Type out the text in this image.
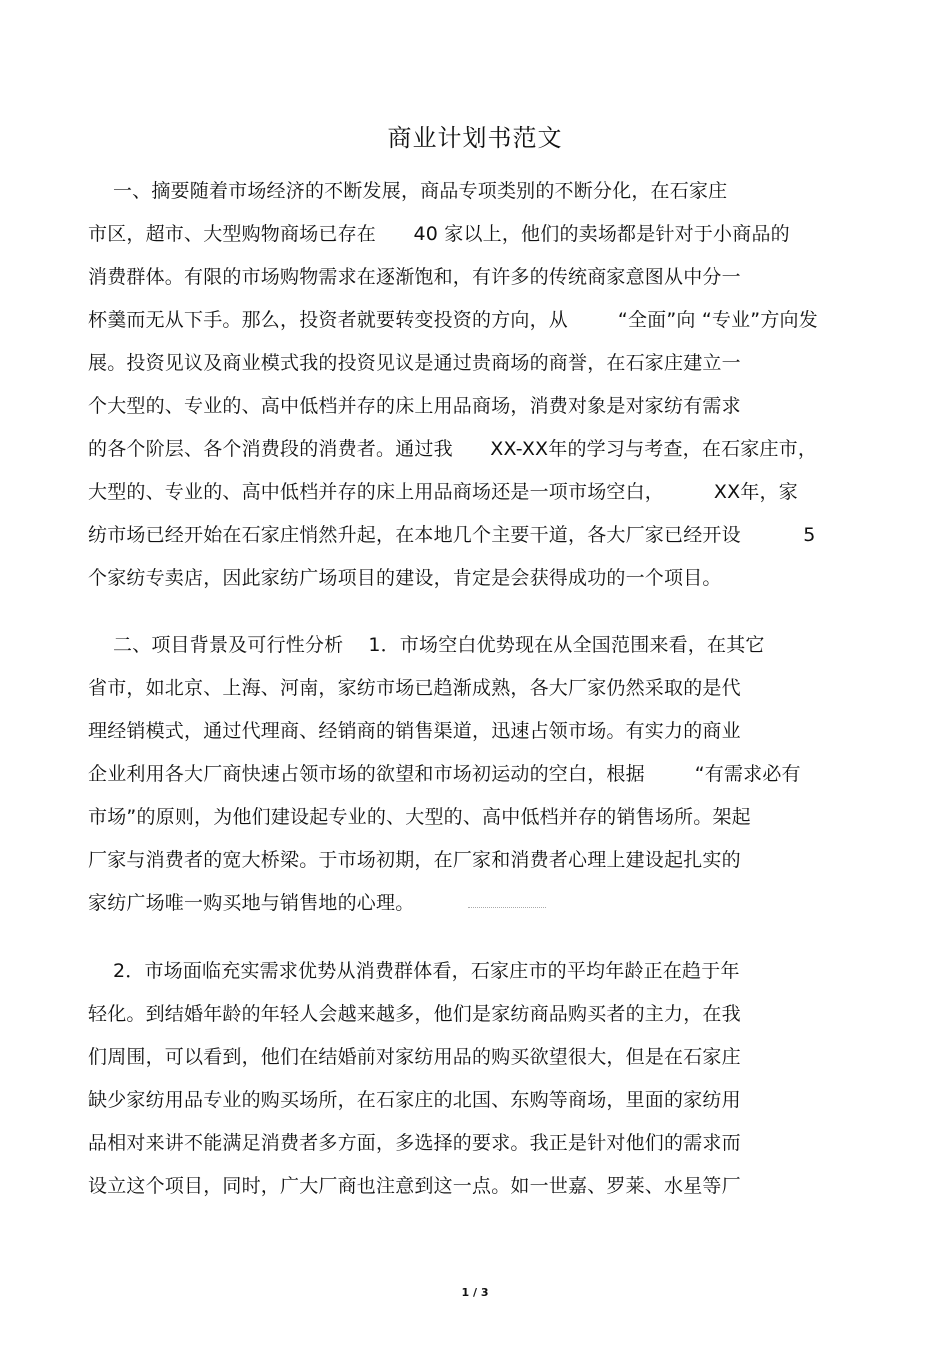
商业计划书范文
一、摘要随着市场经济的不断发展，商品专项类别的不断分化，在石家庄
市区，超市、大型购物商场已存在      40 家以上，他们的卖场都是针对于小商品的
消费群体。有限的市场购物需求在逐渐饱和，有许多的传统商家意图从中分一
杯羹而无从下手。那么，投资者就要转变投资的方向，从        “全面”向 “专业”方向发
展。投资见议及商业模式我的投资见议是通过贵商场的商誉，在石家庄建立一
个大型的、专业的、高中低档并存的床上用品商场，消费对象是对家纺有需求
的各个阶层、各个消费段的消费者。通过我      XX-XX年的学习与考查，在石家庄市，
大型的、专业的、高中低档并存的床上用品商场还是一项市场空白，        XX年，家
纺市场已经开始在石家庄悄然升起，在本地几个主要干道，各大厂家已经开设          5
个家纺专卖店，因此家纺广场项目的建设，肯定是会获得成功的一个项目。
二、项目背景及可行性分析    1．市场空白优势现在从全国范围来看，在其它
省市，如北京、上海、河南，家纺市场已趋渐成熟，各大厂家仍然采取的是代
理经销模式，通过代理商、经销商的销售渠道，迅速占领市场。有实力的商业
企业利用各大厂商快速占领市场的欲望和市场初运动的空白，根据        “有需求必有
市场”的原则，为他们建设起专业的、大型的、高中低档并存的销售场所。架起
厂家与消费者的宽大桥梁。于市场初期，在厂家和消费者心理上建设起扎实的
家纺广场唯一购买地与销售地的心理。
2．市场面临充实需求优势从消费群体看，石家庄市的平均年龄正在趋于年
轻化。到结婚年龄的年轻人会越来越多，他们是家纺商品购买者的主力，在我
们周围，可以看到，他们在结婚前对家纺用品的购买欲望很大，但是在石家庄
缺少家纺用品专业的购买场所，在石家庄的北国、东购等商场，里面的家纺用
品相对来讲不能满足消费者多方面，多选择的要求。我正是针对他们的需求而
设立这个项目，同时，广大厂商也注意到这一点。如一世嘉、罗莱、水星等厂
1 / 3
